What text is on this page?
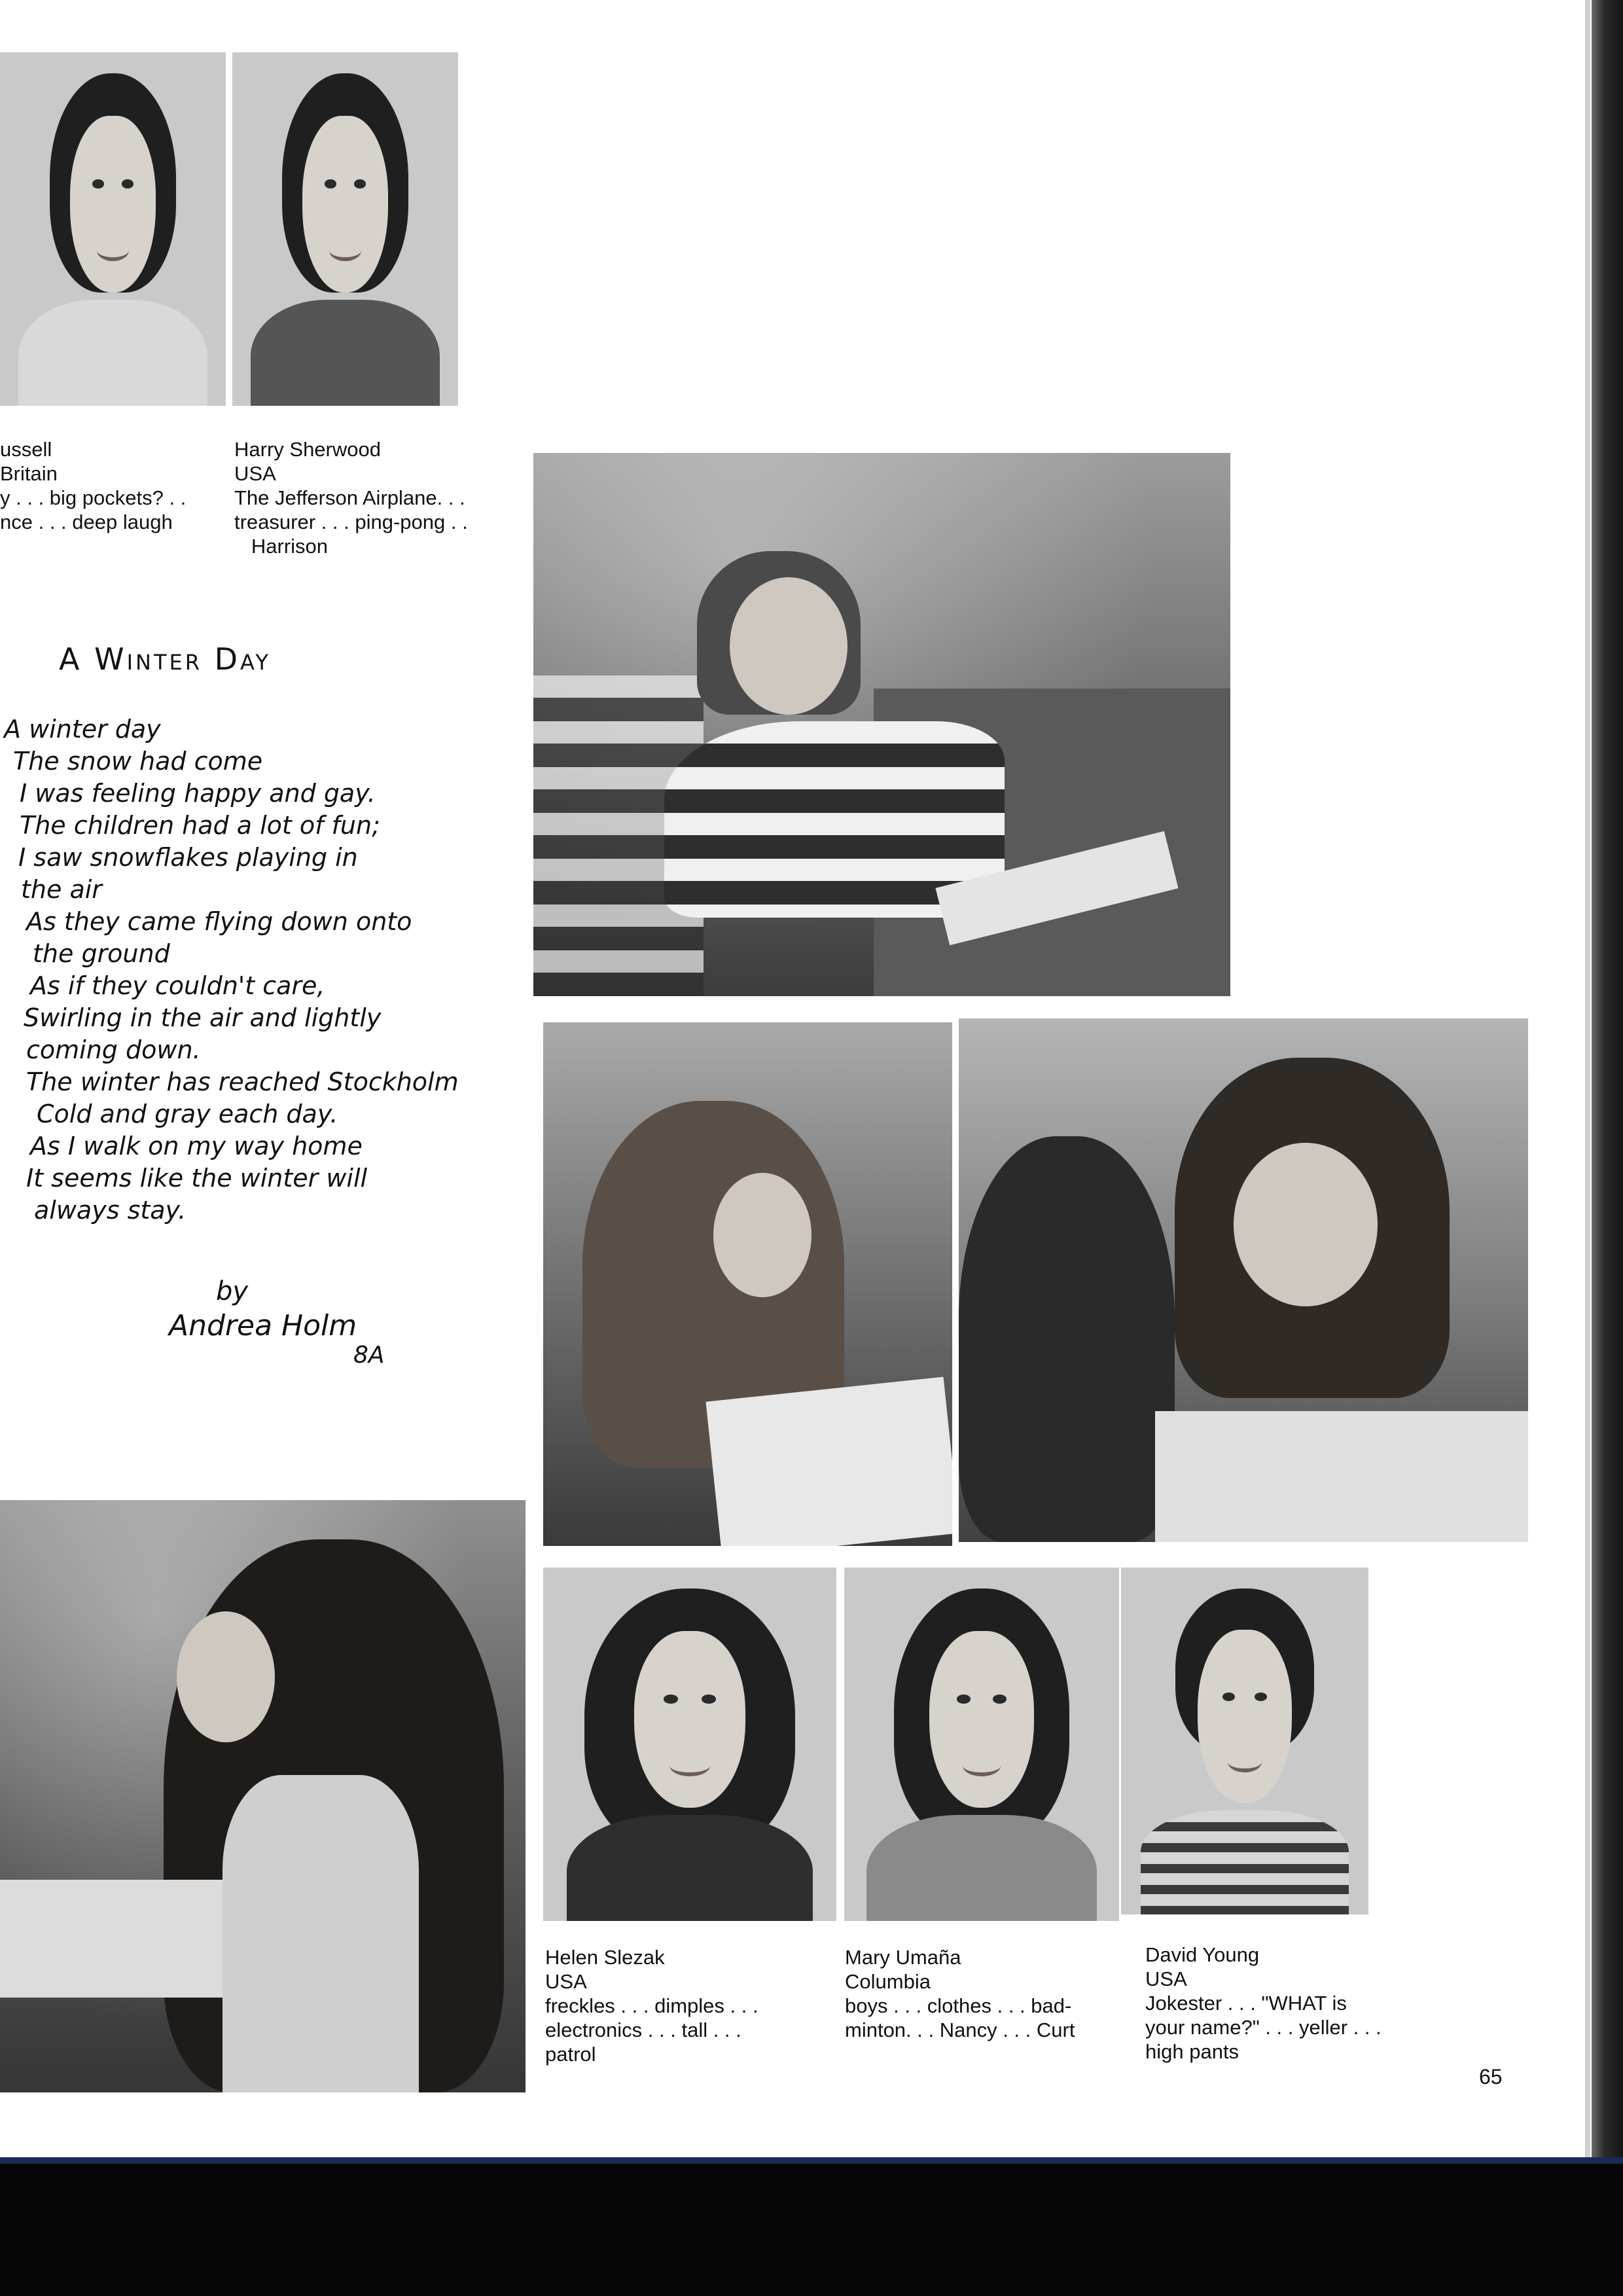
ussell
Britain
y . . . big pockets? . .
nce . . . deep laugh
Harry Sherwood
USA
The Jefferson Airplane. . .
treasurer . . . ping-pong . .
Harrison
Helen Slezak
USA
freckles . . . dimples . . .
electronics . . . tall . . .
patrol
Mary Umaña
Columbia
boys . . . clothes . . . bad-
minton. . . Nancy . . . Curt
David Young
USA
Jokester . . . "WHAT is
your name?" . . . yeller . . .
high pants
A Winter Day
A winter day
The snow had come
I was feeling happy and gay.
The children had a lot of fun;
I saw snowflakes playing in
the air
As they came flying down onto
the ground
As if they couldn't care,
Swirling in the air and lightly
coming down.
The winter has reached Stockholm
Cold and gray each day.
As I walk on my way home
It seems like the winter will
always stay.
by
Andrea Holm
8A
65
